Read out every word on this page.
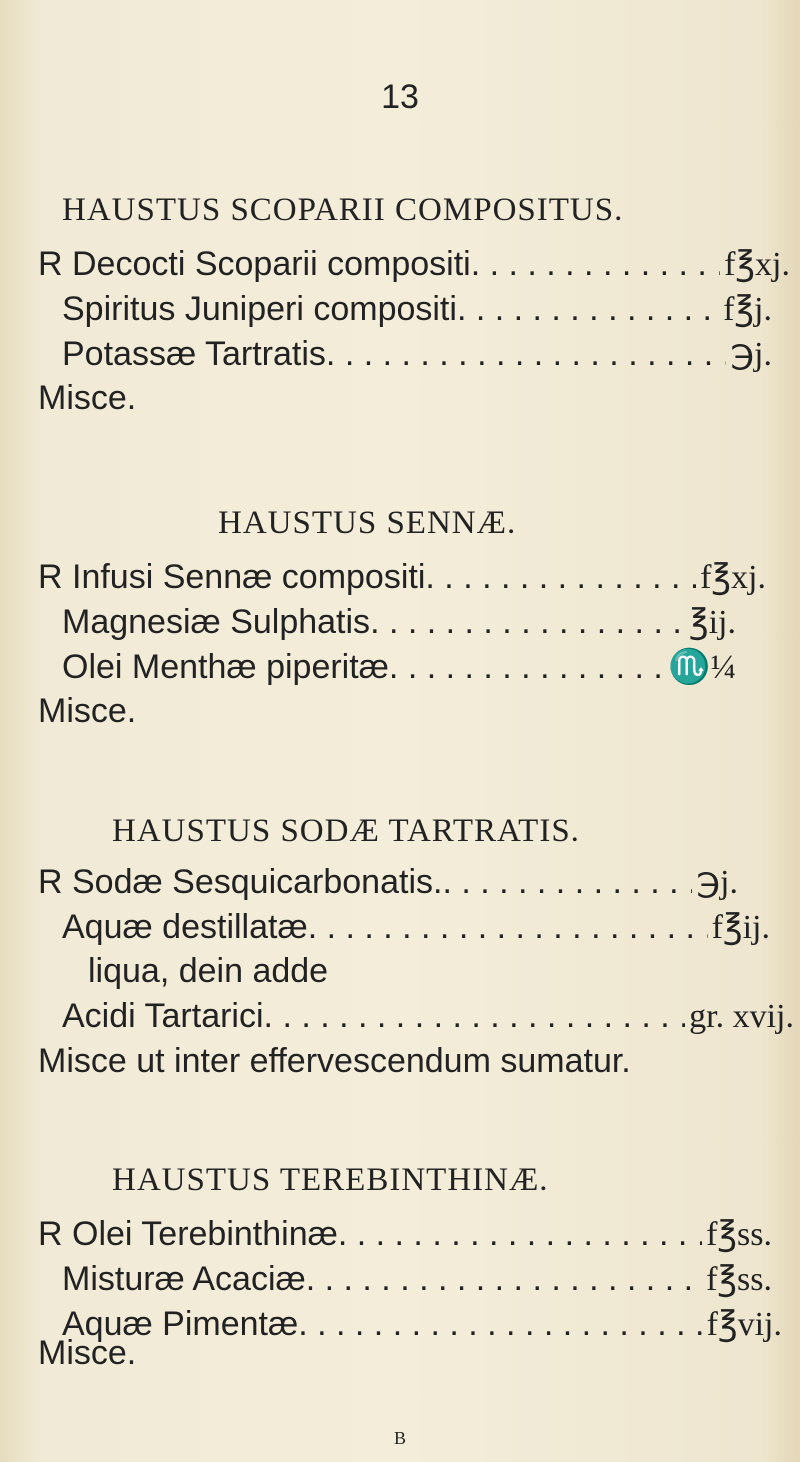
13
HAUSTUS SCOPARII COMPOSITUS.
R Decocti Scoparii compositi . . .	f℥xj.
Spiritus Juniperi compositi . . .	f℥j.
Potassæ Tartratis . . .	℈j.
Misce.
HAUSTUS SENNÆ.
R Infusi Sennæ compositi . . .	f℥xj.
Magnesiæ Sulphatis . . .	℥ij.
Olei Menthæ piperitæ . . .	♏¼
Misce.
HAUSTUS SODÆ TARTRATIS.
R Sodæ Sesquicarbonatis. . . .	℈j.
Aquæ destillatæ . . .	f℥ij.
liqua, dein adde
Acidi Tartarici . . .	gr. xvij.
Misce ut inter effervescendum sumatur.
HAUSTUS TEREBINTHINÆ.
R Olei Terebinthinæ . . .	f℥ss.
Misturæ Acaciæ . . .	f℥ss.
Aquæ Pimentæ . . .	f℥vij.
Misce.
B
